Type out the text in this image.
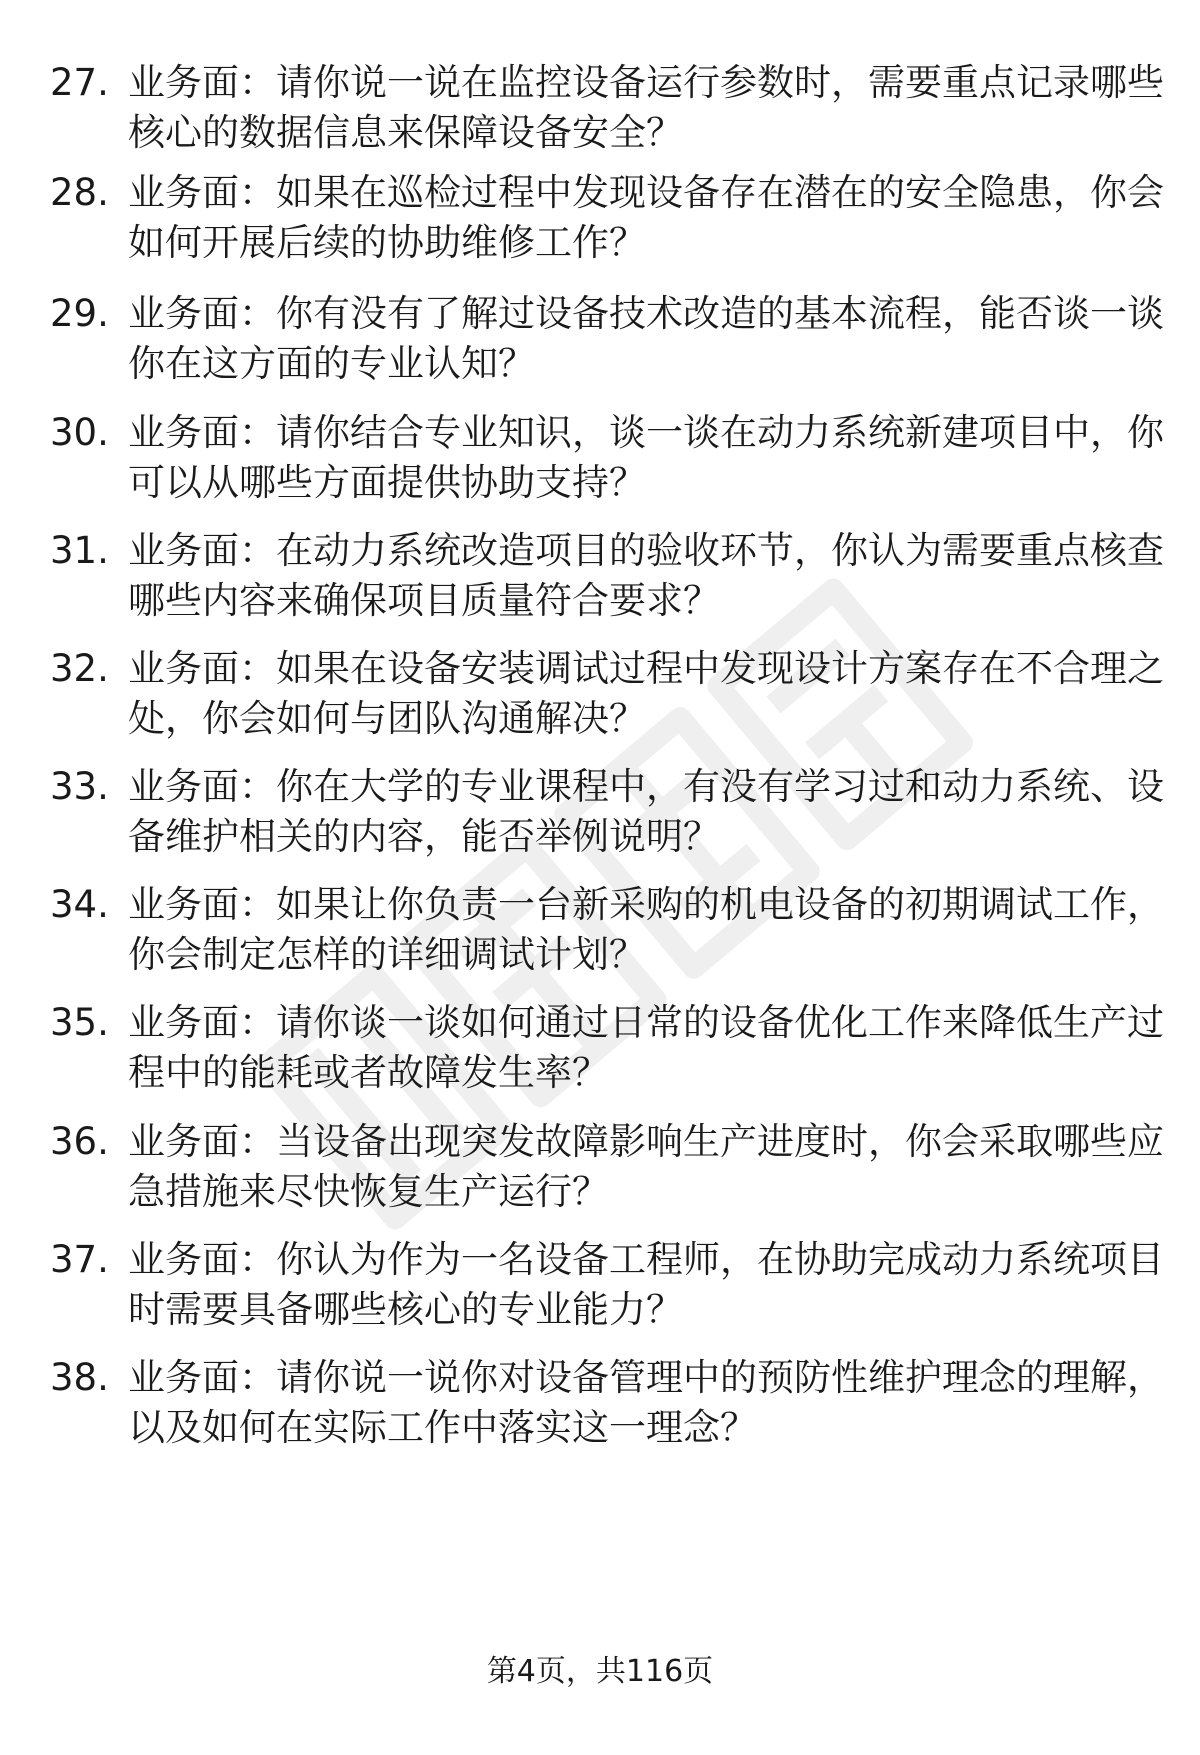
27. 业务面：请你说一说在监控设备运行参数时，需要重点记录哪些
核心的数据信息来保障设备安全？
28. 业务面：如果在巡检过程中发现设备存在潜在的安全隐患，你会
如何开展后续的协助维修工作？
29. 业务面：你有没有了解过设备技术改造的基本流程，能否谈一谈
你在这方面的专业认知？
30. 业务面：请你结合专业知识，谈一谈在动力系统新建项目中，你
可以从哪些方面提供协助支持？
31. 业务面：在动力系统改造项目的验收环节，你认为需要重点核查
哪些内容来确保项目质量符合要求？
32. 业务面：如果在设备安装调试过程中发现设计方案存在不合理之
处，你会如何与团队沟通解决？
33. 业务面：你在大学的专业课程中，有没有学习过和动力系统、设
备维护相关的内容，能否举例说明？
34. 业务面：如果让你负责一台新采购的机电设备的初期调试工作，
你会制定怎样的详细调试计划？
35. 业务面：请你谈一谈如何通过日常的设备优化工作来降低生产过
程中的能耗或者故障发生率？
36. 业务面：当设备出现突发故障影响生产进度时，你会采取哪些应
急措施来尽快恢复生产运行？
37. 业务面：你认为作为一名设备工程师，在协助完成动力系统项目
时需要具备哪些核心的专业能力？
38. 业务面：请你说一说你对设备管理中的预防性维护理念的理解，
以及如何在实际工作中落实这一理念？
第4页，共116页
